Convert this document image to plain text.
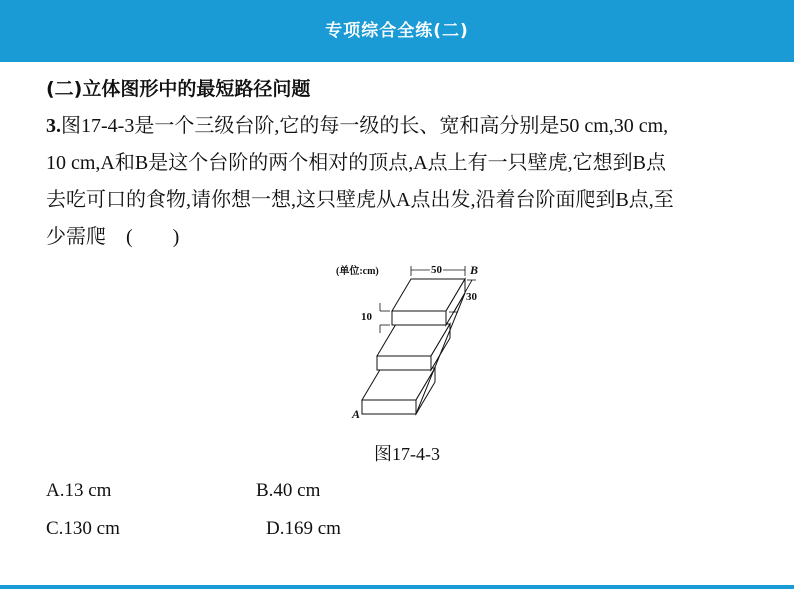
专项综合全练(二)
(二)立体图形中的最短路径问题
3.图17-4-3是一个三级台阶,它的每一级的长、宽和高分别是50 cm,30 cm,
10 cm,A和B是这个台阶的两个相对的顶点,A点上有一只壁虎,它想到B点
去吃可口的食物,请你想一想,这只壁虎从A点出发,沿着台阶面爬到B点,至
少需爬　(　　)
(单位:cm)	50
30
10
B
A
图17-4-3
A.13 cm	B.40 cm
C.130 cm	D.169 cm
